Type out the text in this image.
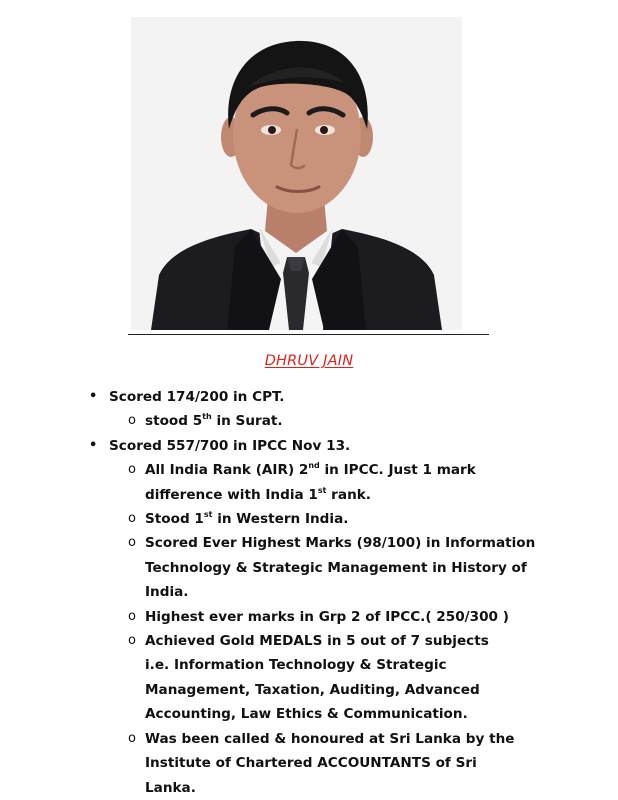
DHRUV JAIN
• Scored 174/200 in CPT.
o stood 5th in Surat.
• Scored 557/700 in IPCC Nov 13.
o All India Rank (AIR) 2nd in IPCC. Just 1 mark
difference with India 1st rank.
o Stood 1st in Western India.
o Scored Ever Highest Marks (98/100) in Information
Technology & Strategic Management in History of
India.
o Highest ever marks in Grp 2 of IPCC.( 250/300 )
o Achieved Gold MEDALS in 5 out of 7 subjects
i.e. Information Technology & Strategic
Management, Taxation, Auditing, Advanced
Accounting, Law Ethics & Communication.
o Was been called & honoured at Sri Lanka by the
Institute of Chartered ACCOUNTANTS of Sri
Lanka.
